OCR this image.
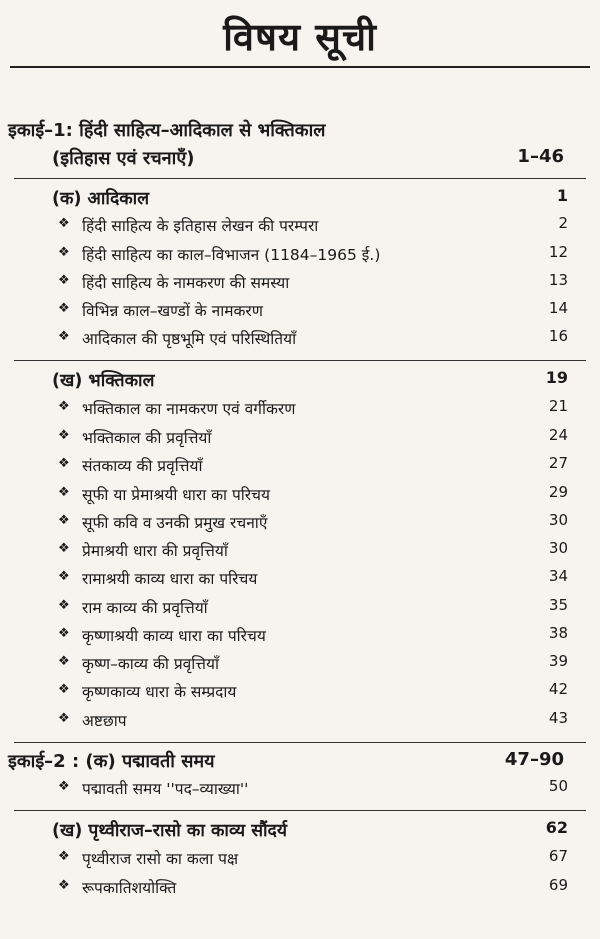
विषय सूची
इकाई–1: हिंदी साहित्य–आदिकाल से भक्तिकाल
(इतिहास एवं रचनाएँ)	1–46
(क) आदिकाल	1
❖ हिंदी साहित्य के इतिहास लेखन की परम्परा	2
❖ हिंदी साहित्य का काल–विभाजन (1184–1965 ई.)	12
❖ हिंदी साहित्य के नामकरण की समस्या	13
❖ विभिन्न काल–खण्डों के नामकरण	14
❖ आदिकाल की पृष्ठभूमि एवं परिस्थितियाँ	16
(ख) भक्तिकाल	19
❖ भक्तिकाल का नामकरण एवं वर्गीकरण	21
❖ भक्तिकाल की प्रवृत्तियाँ	24
❖ संतकाव्य की प्रवृत्तियाँ	27
❖ सूफी या प्रेमाश्रयी धारा का परिचय	29
❖ सूफी कवि व उनकी प्रमुख रचनाएँ	30
❖ प्रेमाश्रयी धारा की प्रवृत्तियाँ	30
❖ रामाश्रयी काव्य धारा का परिचय	34
❖ राम काव्य की प्रवृत्तियाँ	35
❖ कृष्णाश्रयी काव्य धारा का परिचय	38
❖ कृष्ण–काव्य की प्रवृत्तियाँ	39
❖ कृष्णकाव्य धारा के सम्प्रदाय	42
❖ अष्टछाप	43
इकाई–2 : (क) पद्मावती समय	47–90
❖ पद्मावती समय ''पद–व्याख्या''	50
(ख) पृथ्वीराज–रासो का काव्य सौंदर्य	62
❖ पृथ्वीराज रासो का कला पक्ष	67
❖ रूपकातिशयोक्ति	69
